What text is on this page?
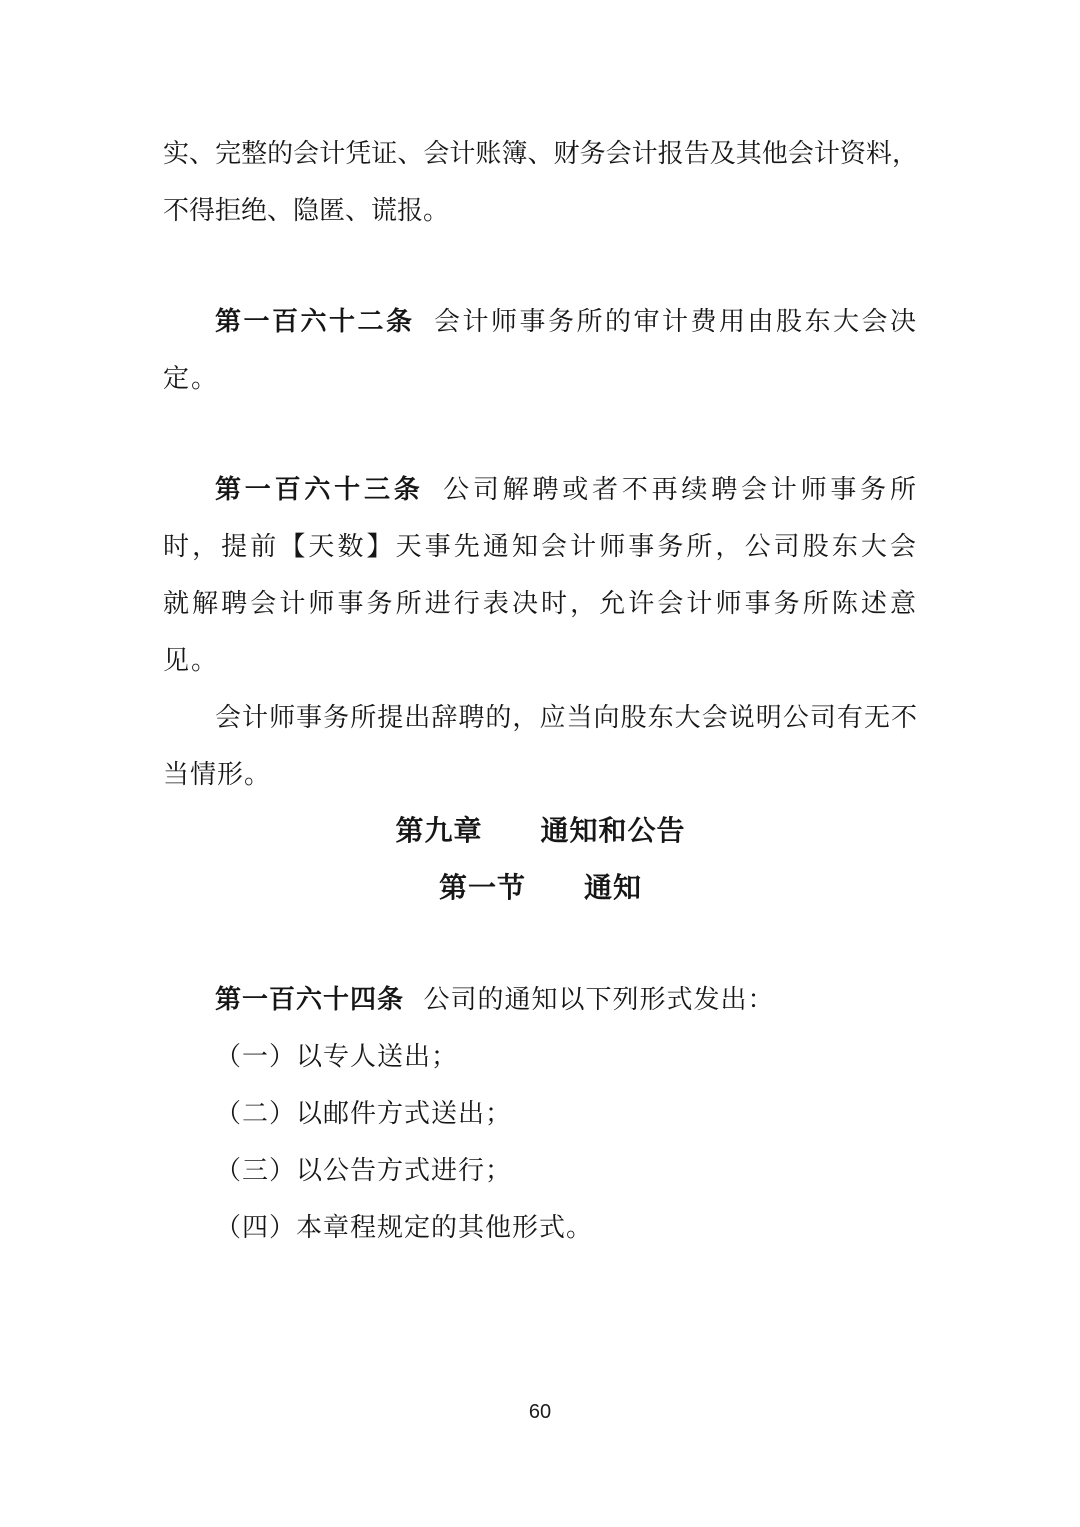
实、完整的会计凭证、会计账簿、财务会计报告及其他会计资料，不得拒绝、隐匿、谎报。

第一百六十二条 会计师事务所的审计费用由股东大会决定。

第一百六十三条 公司解聘或者不再续聘会计师事务所时，提前【天数】天事先通知会计师事务所，公司股东大会就解聘会计师事务所进行表决时，允许会计师事务所陈述意见。

会计师事务所提出辞聘的，应当向股东大会说明公司有无不当情形。

第九章　　通知和公告

第一节　　通知

第一百六十四条 公司的通知以下列形式发出：

（一）以专人送出；

（二）以邮件方式送出；

（三）以公告方式进行；

（四）本章程规定的其他形式。

60
